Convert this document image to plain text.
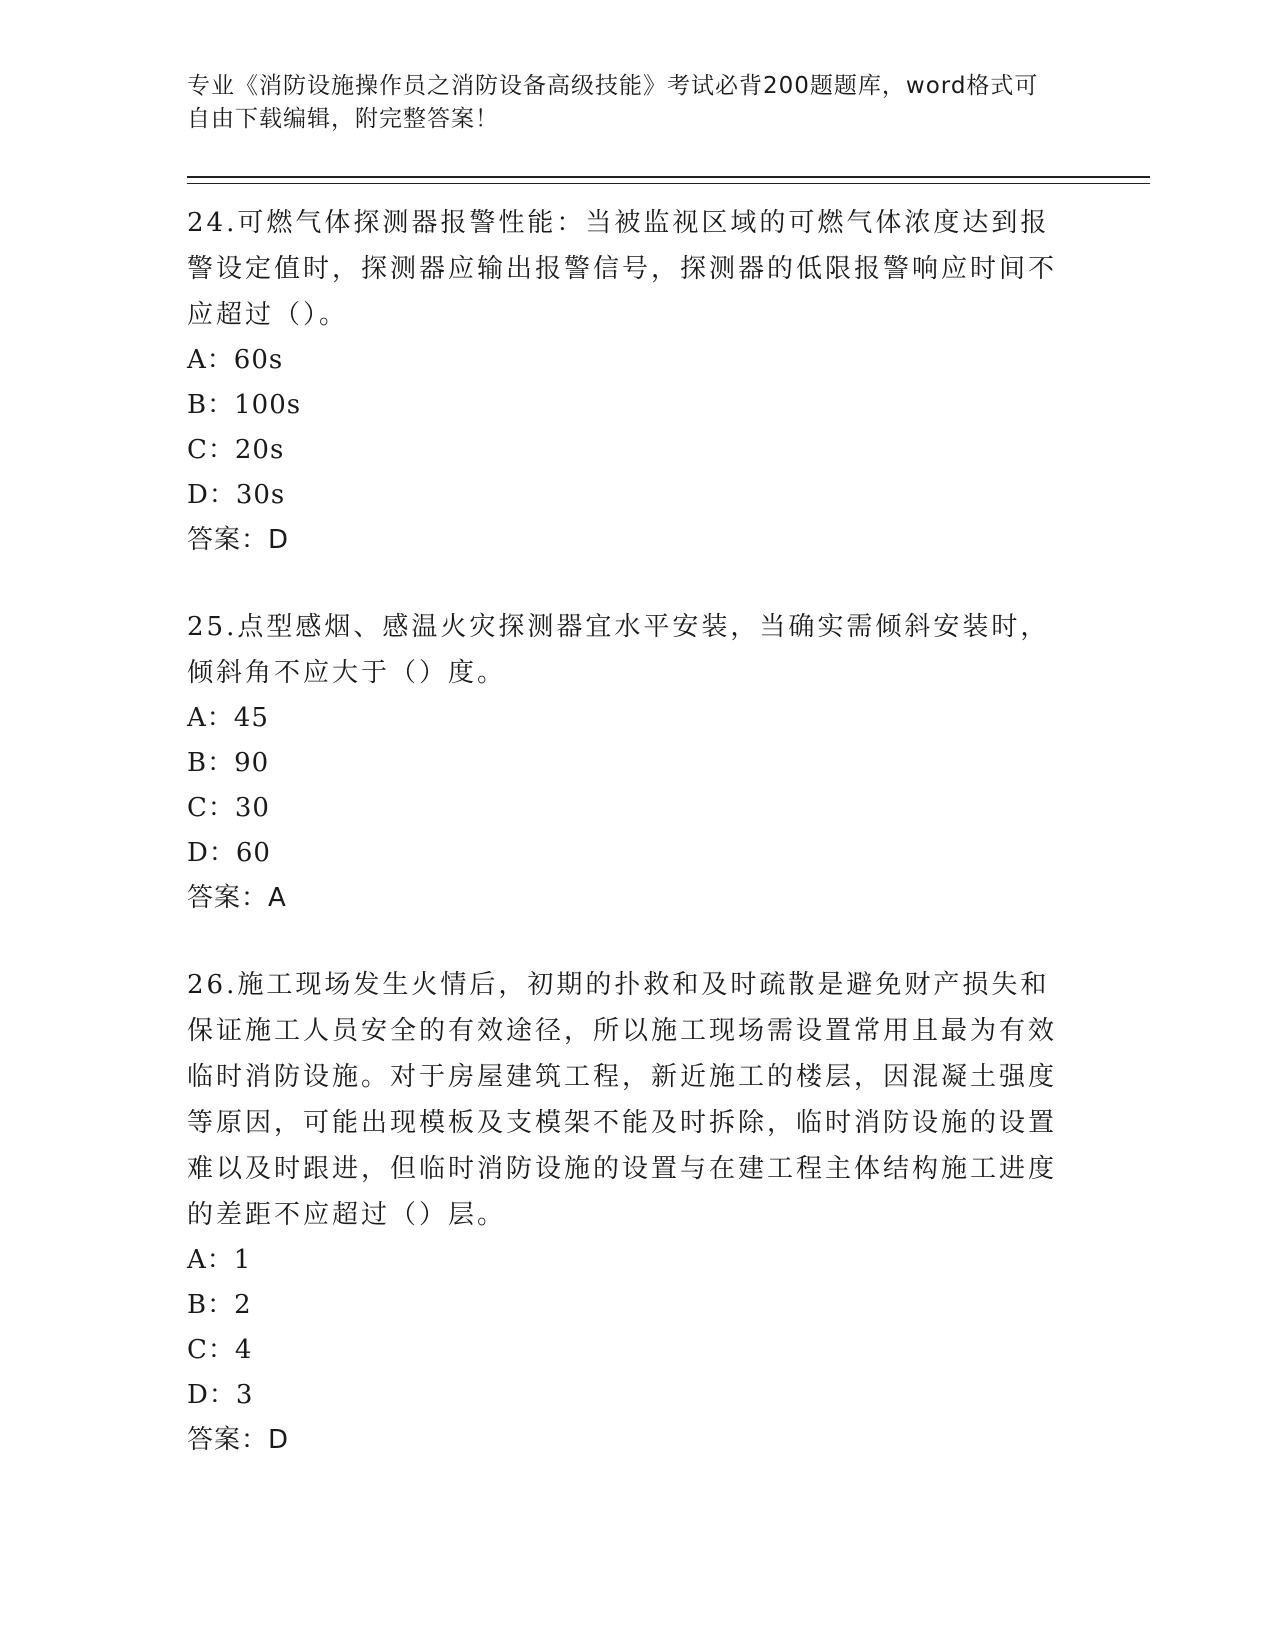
专业《消防设施操作员之消防设备高级技能》考试必背200题题库，word格式可自由下载编辑，附完整答案！

24.可燃气体探测器报警性能：当被监视区域的可燃气体浓度达到报警设定值时，探测器应输出报警信号，探测器的低限报警响应时间不应超过（）。

A：60s

B：100s

C：20s

D：30s

答案：D

25.点型感烟、感温火灾探测器宜水平安装，当确实需倾斜安装时，倾斜角不应大于（）度。

A：45

B：90

C：30

D：60

答案：A

26.施工现场发生火情后，初期的扑救和及时疏散是避免财产损失和保证施工人员安全的有效途径，所以施工现场需设置常用且最为有效临时消防设施。对于房屋建筑工程，新近施工的楼层，因混凝土强度等原因，可能出现模板及支模架不能及时拆除，临时消防设施的设置难以及时跟进，但临时消防设施的设置与在建工程主体结构施工进度的差距不应超过（）层。

A：1

B：2

C：4

D：3

答案：D
